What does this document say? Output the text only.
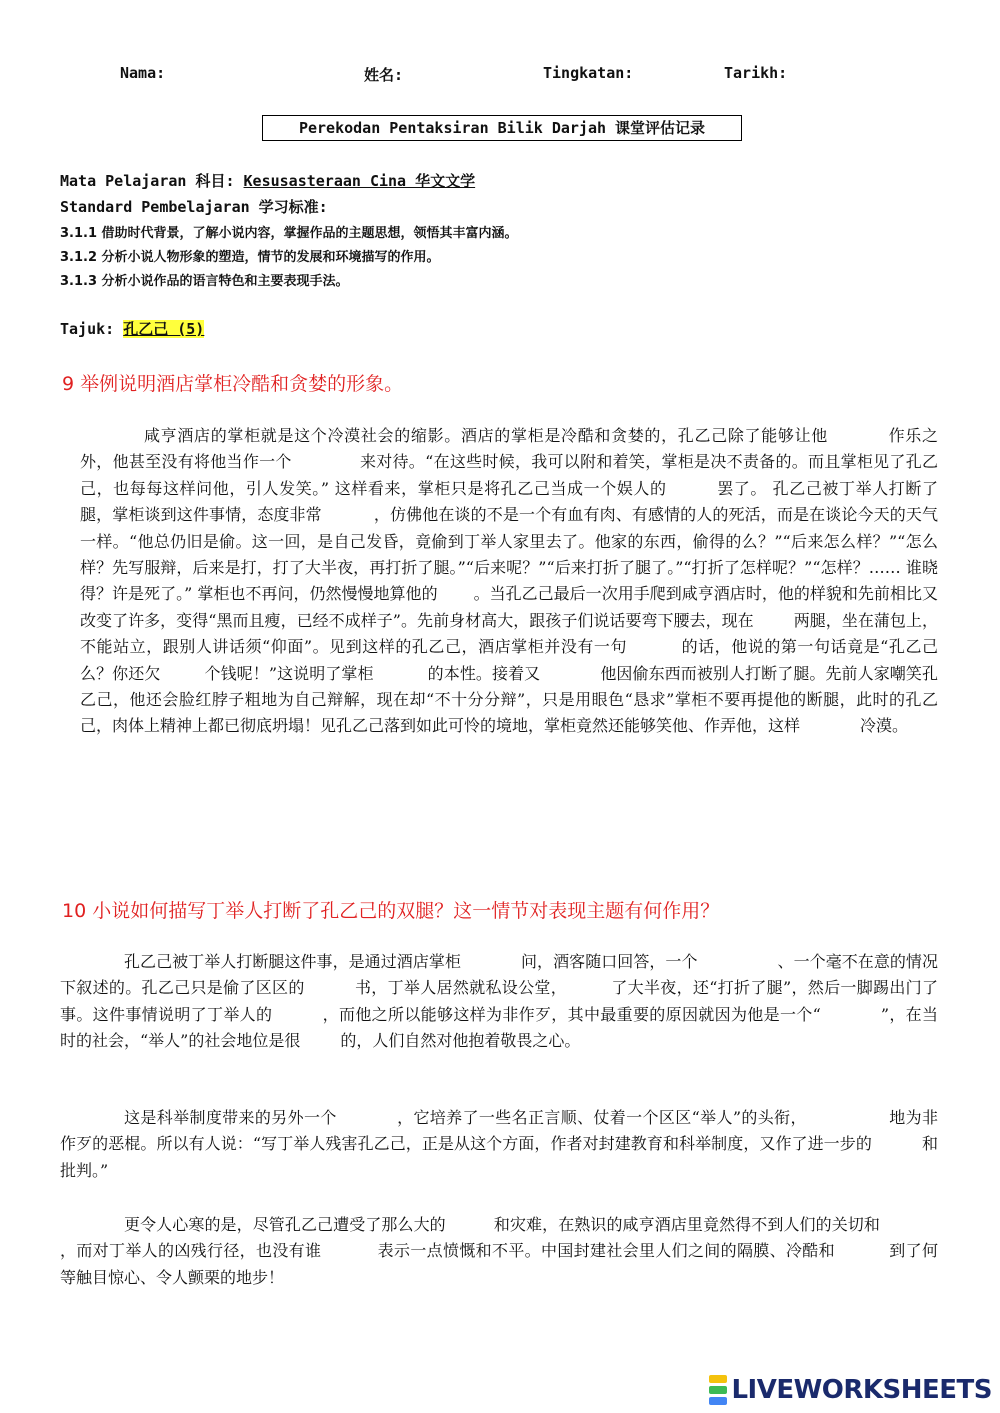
Nama:	姓名:	Tingkatan:	Tarikh:
Perekodan Pentaksiran Bilik Darjah 课堂评估记录
Mata Pelajaran 科目: Kesusasteraan Cina 华文文学
Standard Pembelajaran 学习标准:
3.1.1 借助时代背景，了解小说内容，掌握作品的主题思想，领悟其丰富内涵。
3.1.2 分析小说人物形象的塑造，情节的发展和环境描写的作用。
3.1.3 分析小说作品的语言特色和主要表现手法。
Tajuk: 孔乙己 (5)
9 举例说明酒店掌柜冷酷和贪婪的形象。

咸亨酒店的掌柜就是这个冷漠社会的缩影。酒店的掌柜是冷酷和贪婪的，孔乙己除了能够让他	作乐之外，他甚至没有将他当作一个	来对待。“在这些时候，我可以附和着笑，掌柜是决不责备的。而且掌柜见了孔乙己，也每每这样问他，引人发笑。” 这样看来，掌柜只是将孔乙己当成一个娱人的	罢了。 孔乙己被丁举人打断了腿，掌柜谈到这件事情，态度非常	，仿佛他在谈的不是一个有血有肉、有感情的人的死活，而是在谈论今天的天气一样。“他总仍旧是偷。这一回，是自己发昏，竟偷到丁举人家里去了。他家的东西，偷得的么？”“后来怎么样？”“怎么样？先写服辩，后来是打，打了大半夜，再打折了腿。”“后来呢？”“后来打折了腿了。”“打折了怎样呢？”“怎样？…… 谁晓得？许是死了。” 掌柜也不再问，仍然慢慢地算他的 。当孔乙己最后一次用手爬到咸亨酒店时，他的样貌和先前相比又改变了许多，变得“黑而且瘦，已经不成样子”。先前身材高大，跟孩子们说话要弯下腰去，现在	两腿，坐在蒲包上，不能站立，跟别人讲话须“仰面”。见到这样的孔乙己，酒店掌柜并没有一句	的话，他说的第一句话竟是“孔乙己么？你还欠	个钱呢！”这说明了掌柜	的本性。接着又	他因偷东西而被别人打断了腿。先前人家嘲笑孔乙己，他还会脸红脖子粗地为自己辩解，现在却“不十分分辩”，只是用眼色“恳求”掌柜不要再提他的断腿，此时的孔乙己，肉体上精神上都已彻底坍塌！见孔乙己落到如此可怜的境地，掌柜竟然还能够笑他、作弄他，这样	冷漠。

10 小说如何描写丁举人打断了孔乙己的双腿？这一情节对表现主题有何作用？

孔乙己被丁举人打断腿这件事，是通过酒店掌柜	问，酒客随口回答，一个	、一个毫不在意的情况下叙述的。孔乙己只是偷了区区的	书，丁举人居然就私设公堂，	了大半夜，还“打折了腿”，然后一脚踢出门了事。这件事情说明了丁举人的	，而他之所以能够这样为非作歹，其中最重要的原因就因为他是一个“	”，在当时的社会，“举人”的社会地位是很	的，人们自然对他抱着敬畏之心。

这是科举制度带来的另外一个	，它培养了一些名正言顺、仗着一个区区“举人”的头衔，	地为非作歹的恶棍。所以有人说：“写丁举人残害孔乙己，正是从这个方面，作者对封建教育和科举制度，又作了进一步的	和批判。”

更令人心寒的是，尽管孔乙己遭受了那么大的	和灾难，在熟识的咸亨酒店里竟然得不到人们的关切和，而对丁举人的凶残行径，也没有谁	表示一点愤慨和不平。中国封建社会里人们之间的隔膜、冷酷和	到了何等触目惊心、令人颤栗的地步！

LIVEWORKSHEETS
